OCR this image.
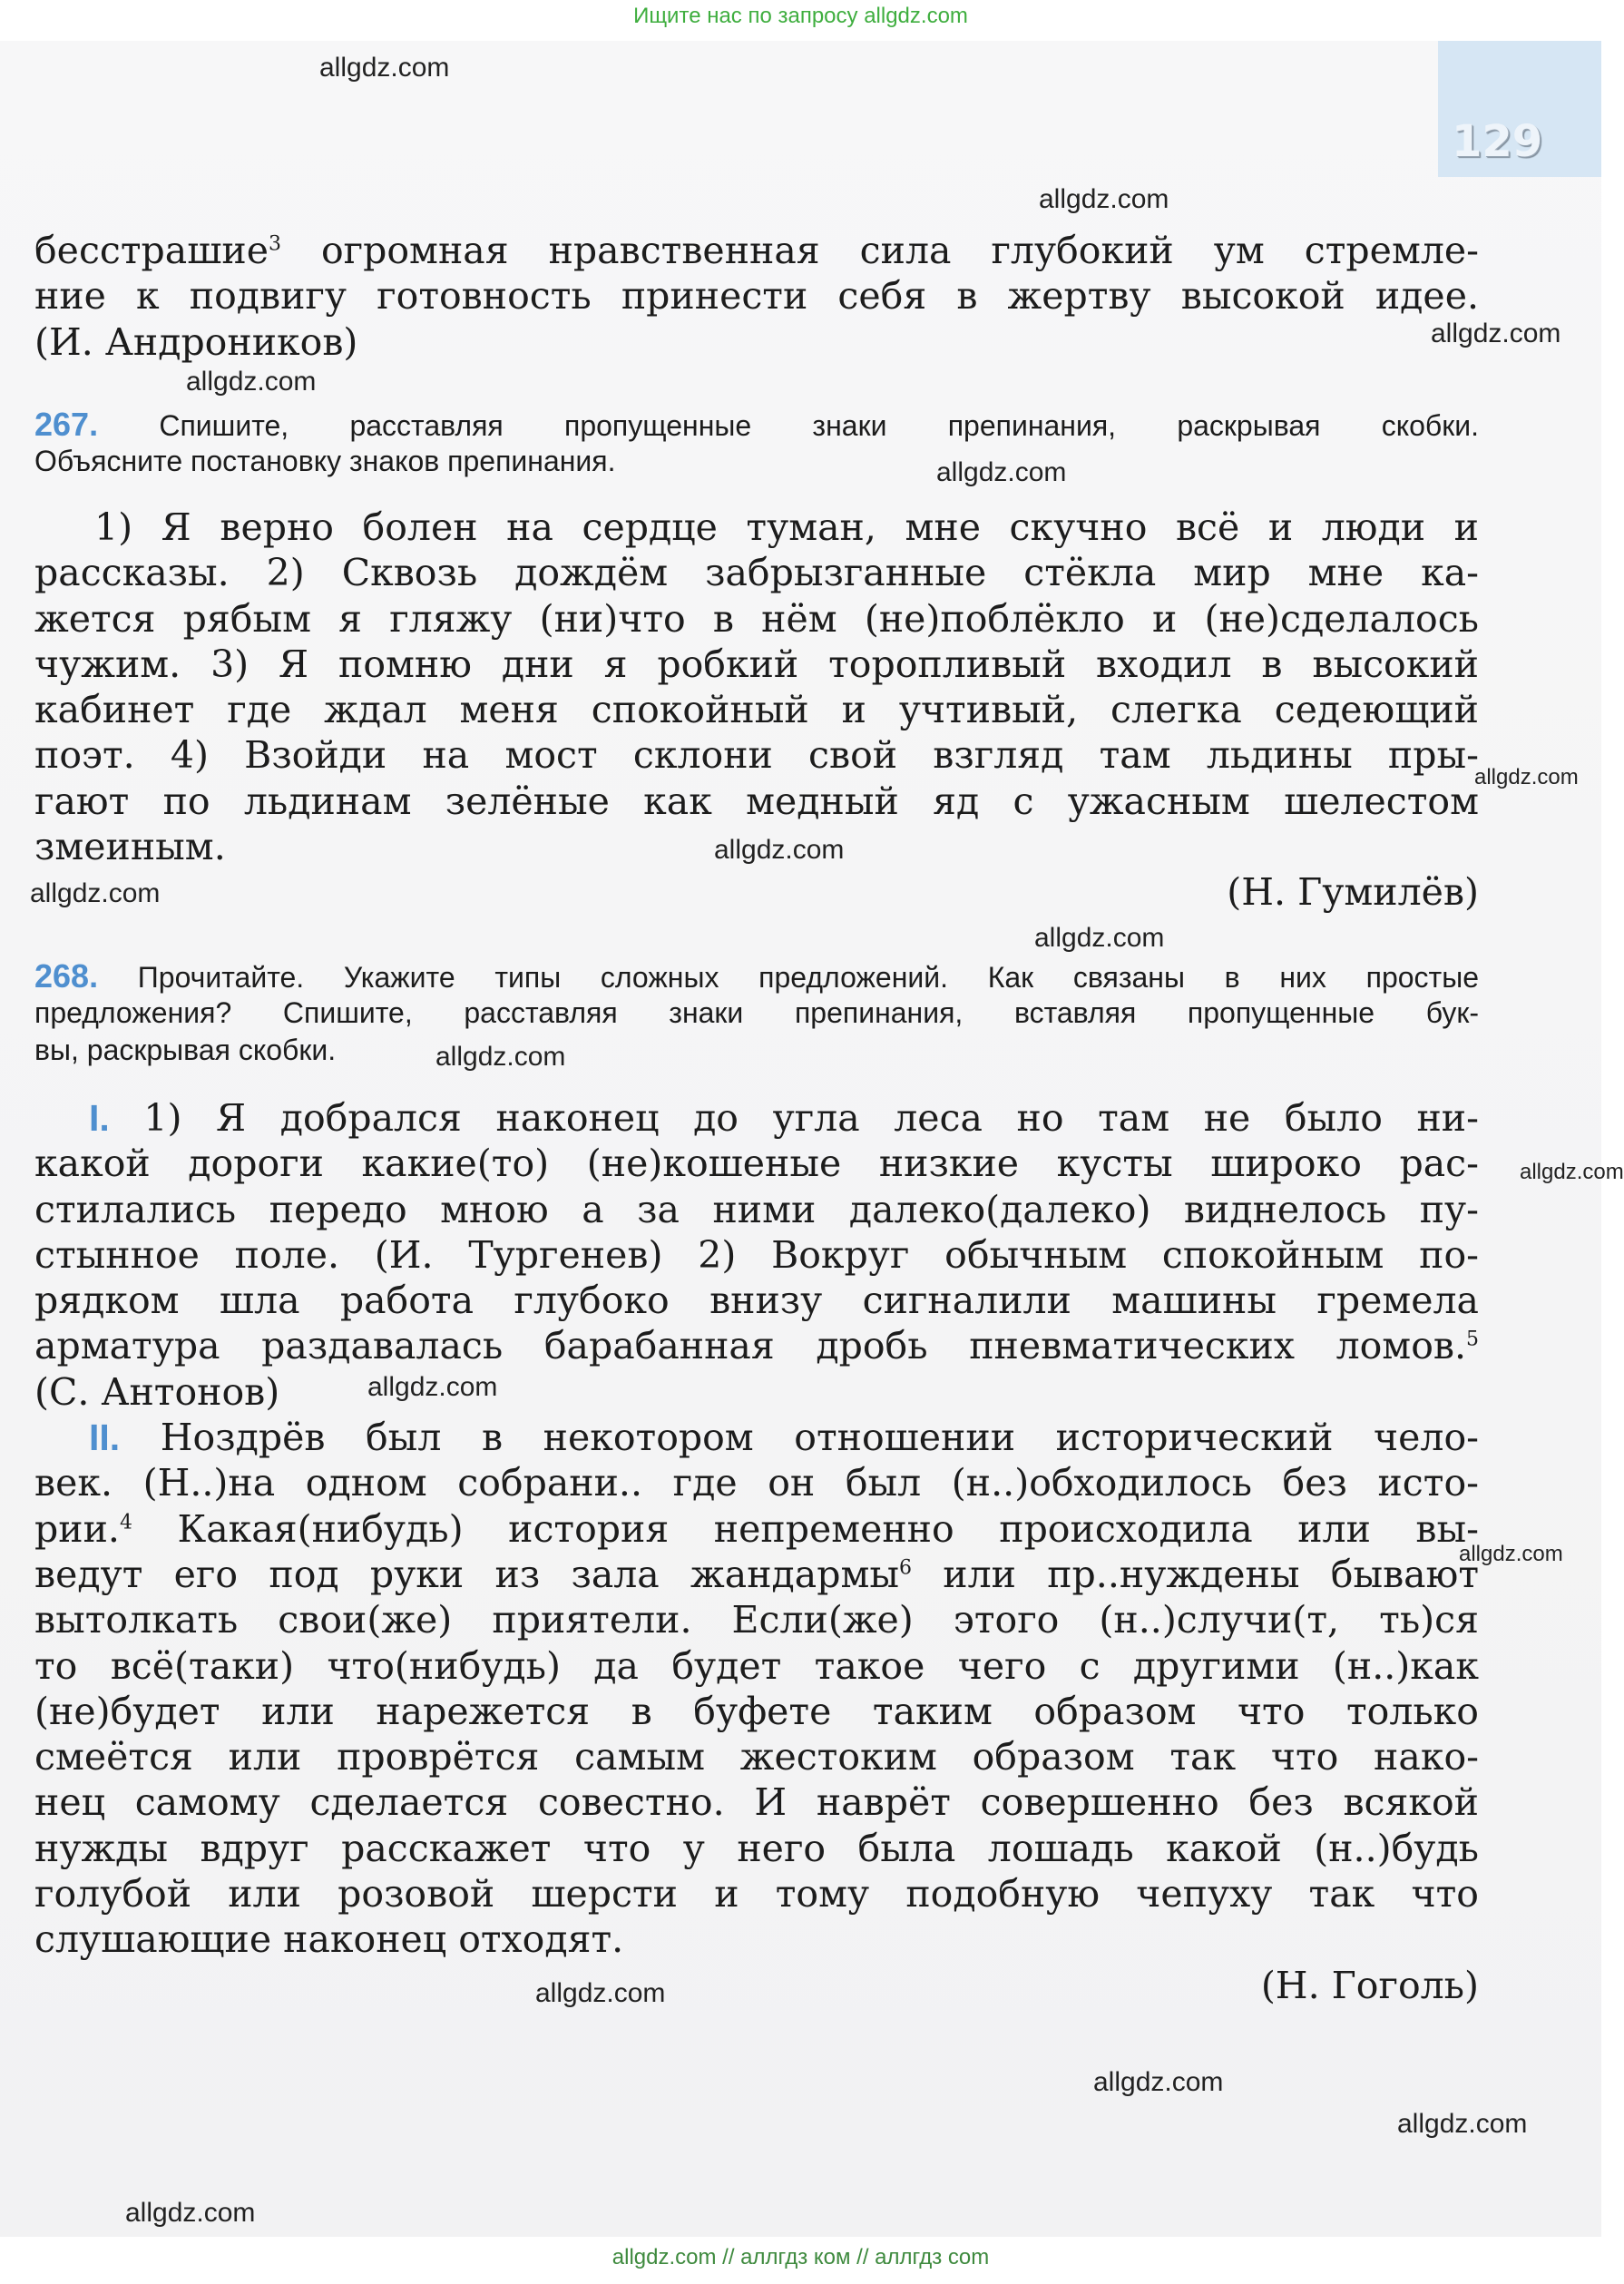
Ищите нас по запросу allgdz.com
129
allgdz.com
allgdz.com
allgdz.com
allgdz.com
allgdz.com
allgdz.com
allgdz.com
allgdz.com
allgdz.com
allgdz.com
allgdz.com
allgdz.com
allgdz.com
allgdz.com
allgdz.com
allgdz.com
allgdz.com
бесстрашие$^3$ огромная нравственная сила глубокий ум стремле-
ние к подвигу готовность принести себя в жертву высокой идее.
(И. Андроников)
267. Спишите, расставляя пропущенные знаки препинания, раскрывая скобки.
Объясните постановку знаков препинания.
1) Я верно болен на сердце туман, мне скучно всё и люди и
рассказы. 2) Сквозь дождём забрызганные стёкла мир мне ка-
жется рябым я гляжу (ни)что в нём (не)поблёкло и (не)сделалось
чужим. 3) Я помню дни я робкий торопливый входил в высокий
кабинет где ждал меня спокойный и учтивый, слегка седеющий
поэт. 4) Взойди на мост склони свой взгляд там льдины пры-
гают по льдинам зелёные как медный яд с ужасным шелестом
змеиным.
(Н. Гумилёв)
268. Прочитайте. Укажите типы сложных предложений. Как связаны в них простые
предложения? Спишите, расставляя знаки препинания, вставляя пропущенные бук-
вы, раскрывая скобки.
I. 1) Я добрался наконец до угла леса но там не было ни-
какой дороги какие(то) (не)кошеные низкие кусты широко рас-
стилались передо мною а за ними далеко(далеко) виднелось пу-
стынное поле. (И. Тургенев) 2) Вокруг обычным спокойным по-
рядком шла работа глубоко внизу сигналили машины гремела
арматура раздавалась барабанная дробь пневматических ломов.$^5$
(С. Антонов)
II. Ноздрёв был в некотором отношении исторический чело-
век. (Н..)на одном собрани.. где он был (н..)обходилось без исто-
рии.$^4$ Какая(нибудь) история непременно происходила или вы-
ведут его под руки из зала жандармы$^6$ или пр..нуждены бывают
вытолкать свои(же) приятели. Если(же) этого (н..)случи(т, ть)ся
то всё(таки) что(нибудь) да будет такое чего с другими (н..)как
(не)будет или нарежется в буфете таким образом что только
смеётся или провpётся самым жестоким образом так что нако-
нец самому сделается совестно. И наврёт совершенно без всякой
нужды вдруг расскажет что у него была лошадь какой (н..)будь
голубой или розовой шерсти и тому подобную чепуху так что
слушающие наконец отходят.
(Н. Гоголь)
allgdz.com // аллгдз ком // аллгдз com
